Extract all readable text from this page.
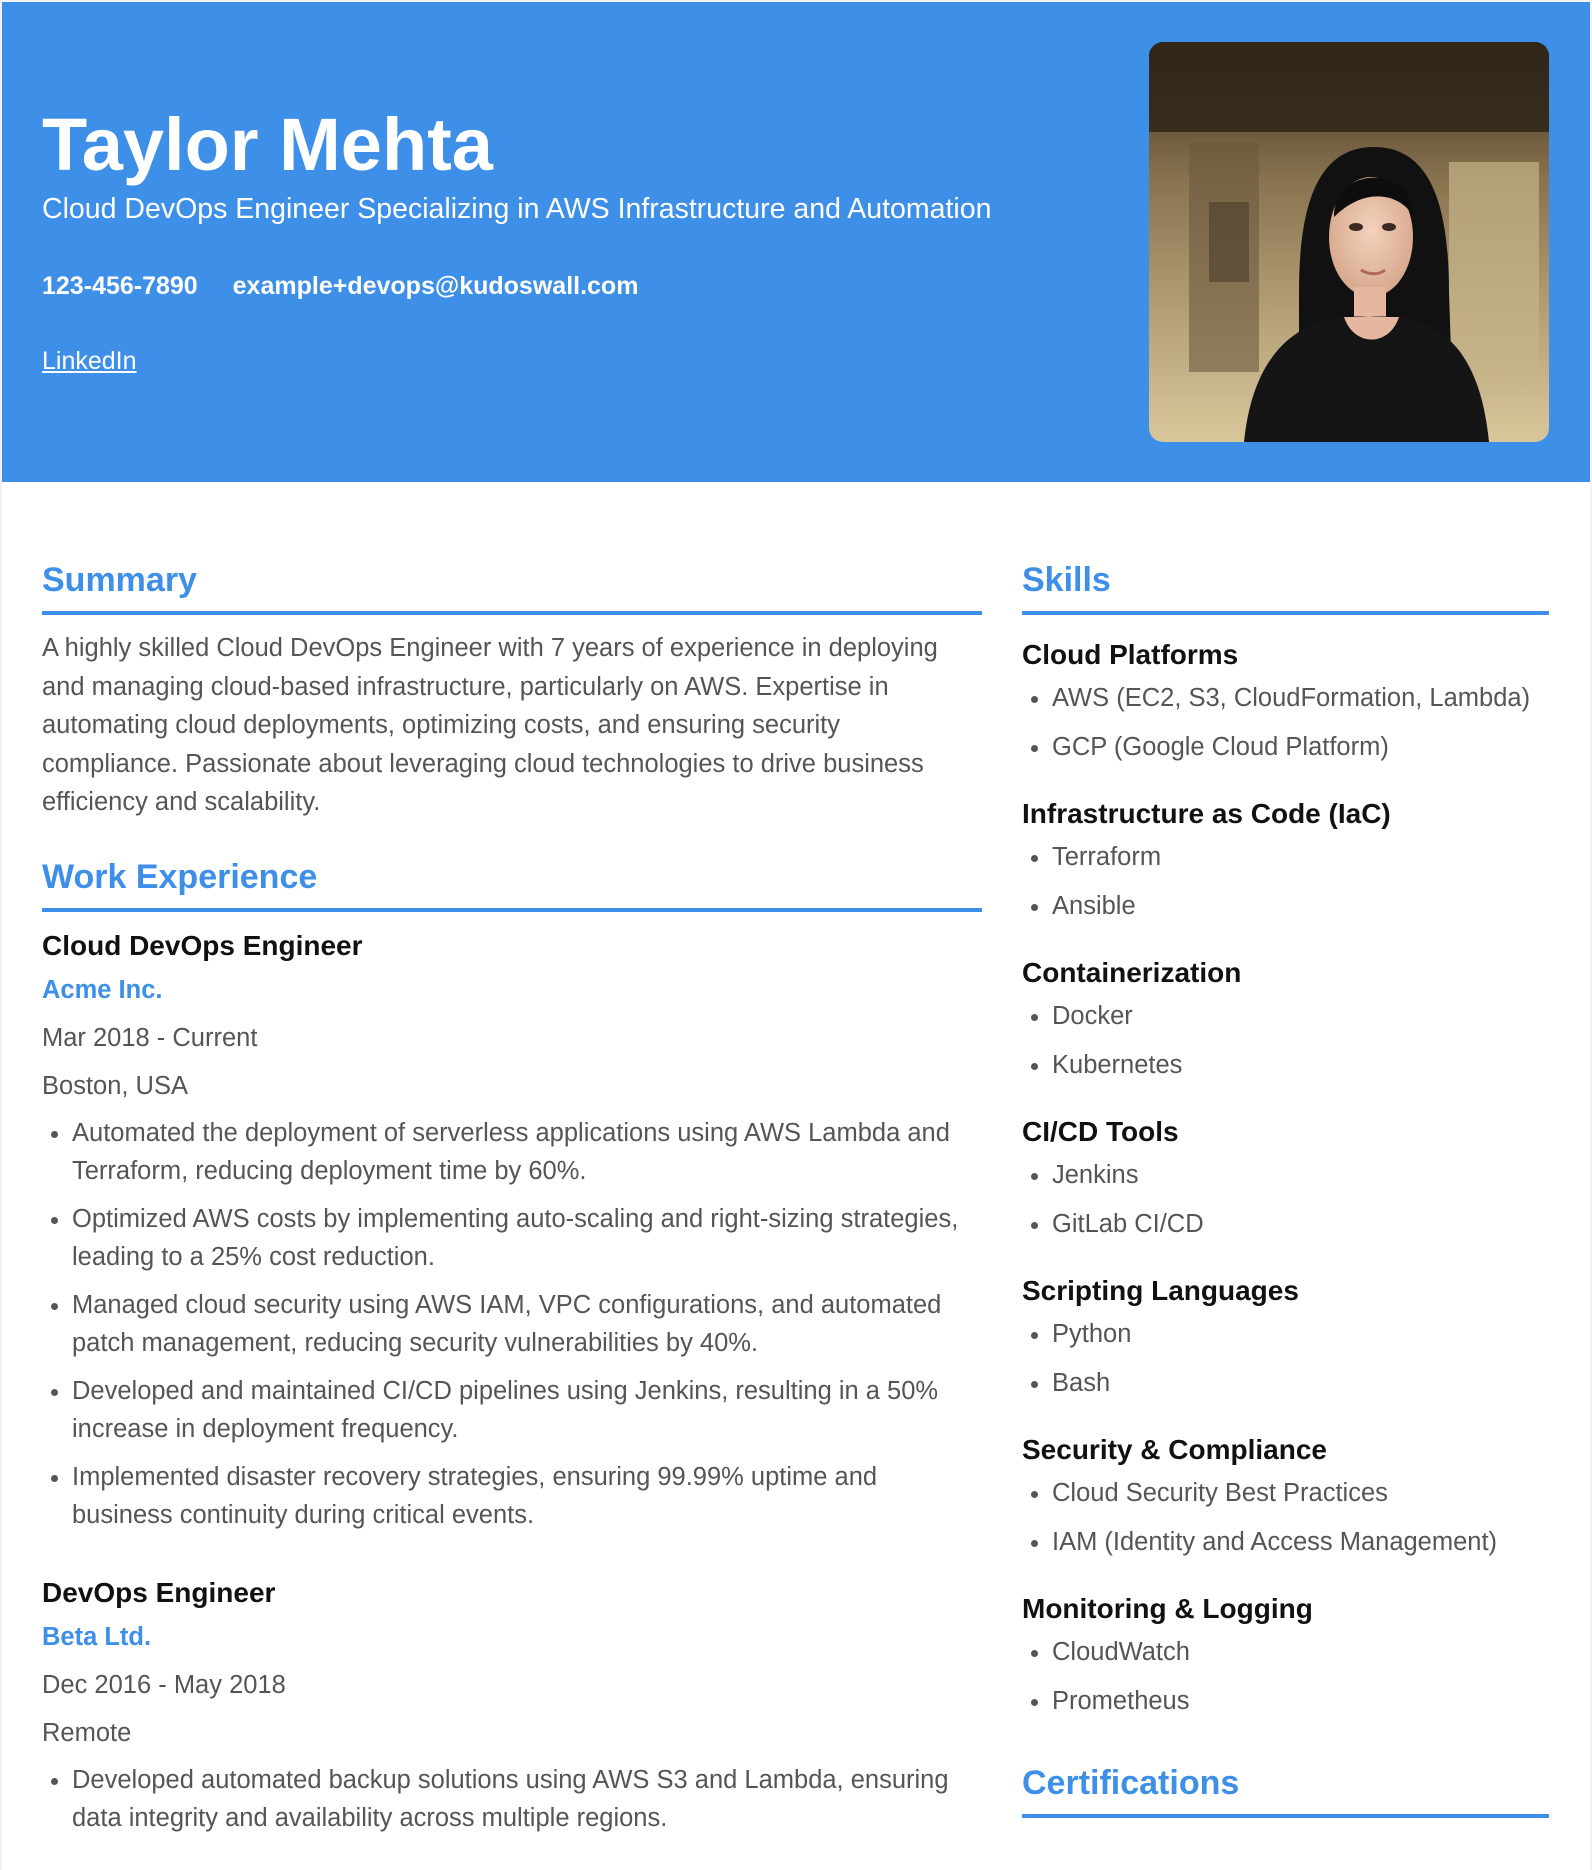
Taylor Mehta
Cloud DevOps Engineer Specializing in AWS Infrastructure and Automation
123-456-7890 example+devops@kudoswall.com
LinkedIn
Summary

A highly skilled Cloud DevOps Engineer with 7 years of experience in deploying and managing cloud-based infrastructure, particularly on AWS. Expertise in automating cloud deployments, optimizing costs, and ensuring security compliance. Passionate about leveraging cloud technologies to drive business efficiency and scalability.

Work Experience
Cloud DevOps Engineer
Acme Inc.
Mar 2018 - Current
Boston, USA
• Automated the deployment of serverless applications using AWS Lambda and Terraform, reducing deployment time by 60%.
• Optimized AWS costs by implementing auto-scaling and right-sizing strategies, leading to a 25% cost reduction.
• Managed cloud security using AWS IAM, VPC configurations, and automated patch management, reducing security vulnerabilities by 40%.
• Developed and maintained CI/CD pipelines using Jenkins, resulting in a 50% increase in deployment frequency.
• Implemented disaster recovery strategies, ensuring 99.99% uptime and business continuity during critical events.
DevOps Engineer
Beta Ltd.
Dec 2016 - May 2018
Remote
• Developed automated backup solutions using AWS S3 and Lambda, ensuring data integrity and availability across multiple regions.
Skills
Cloud Platforms
• AWS (EC2, S3, CloudFormation, Lambda)
• GCP (Google Cloud Platform)
Infrastructure as Code (IaC)
• Terraform
• Ansible
Containerization
• Docker
• Kubernetes
CI/CD Tools
• Jenkins
• GitLab CI/CD
Scripting Languages
• Python
• Bash
Security & Compliance
• Cloud Security Best Practices
• IAM (Identity and Access Management)
Monitoring & Logging
• CloudWatch
• Prometheus
Certifications
